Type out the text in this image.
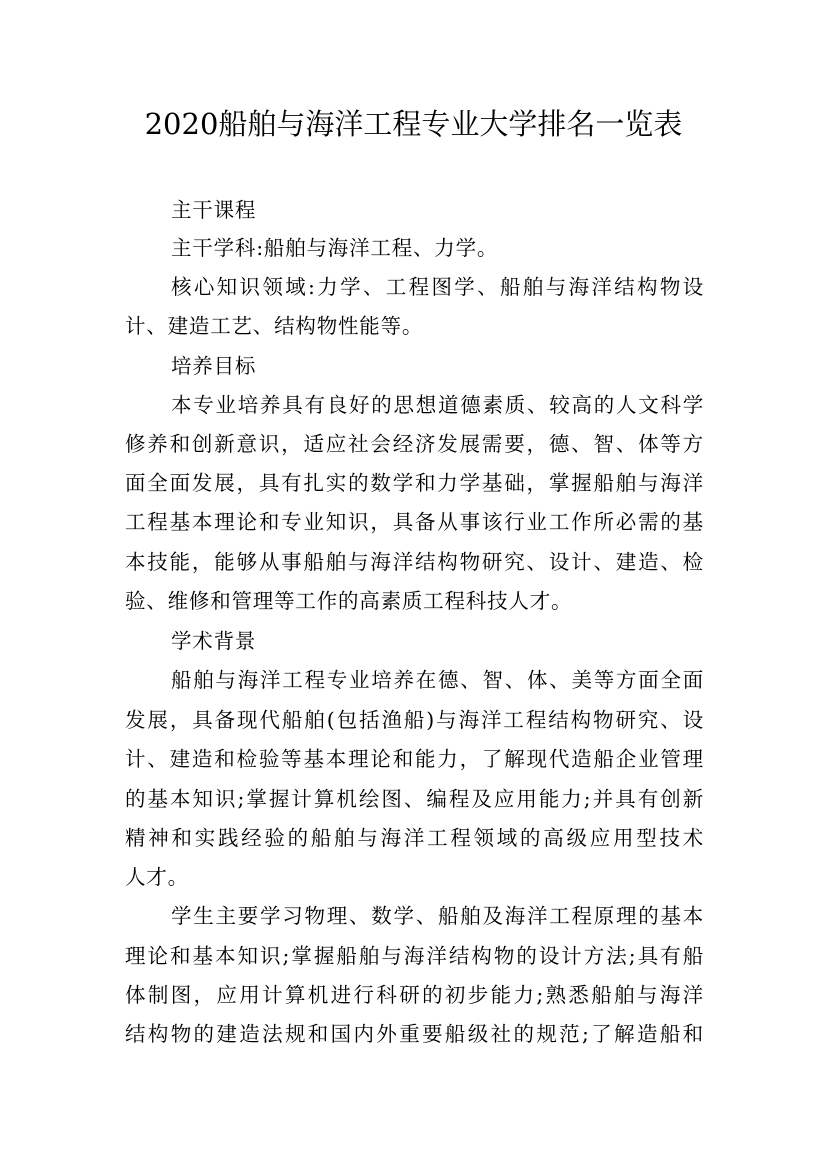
2020船舶与海洋工程专业大学排名一览表
主干课程
主干学科:船舶与海洋工程、力学。
核心知识领域:力学、工程图学、船舶与海洋结构物设
计、建造工艺、结构物性能等。
培养目标
本专业培养具有良好的思想道德素质、较高的人文科学
修养和创新意识，适应社会经济发展需要，德、智、体等方
面全面发展，具有扎实的数学和力学基础，掌握船舶与海洋
工程基本理论和专业知识，具备从事该行业工作所必需的基
本技能，能够从事船舶与海洋结构物研究、设计、建造、检
验、维修和管理等工作的高素质工程科技人才。
学术背景
船舶与海洋工程专业培养在德、智、体、美等方面全面
发展，具备现代船舶(包括渔船)与海洋工程结构物研究、设
计、建造和检验等基本理论和能力，了解现代造船企业管理
的基本知识;掌握计算机绘图、编程及应用能力;并具有创新
精神和实践经验的船舶与海洋工程领域的高级应用型技术
人才。
学生主要学习物理、数学、船舶及海洋工程原理的基本
理论和基本知识;掌握船舶与海洋结构物的设计方法;具有船
体制图，应用计算机进行科研的初步能力;熟悉船舶与海洋
结构物的建造法规和国内外重要船级社的规范;了解造船和
